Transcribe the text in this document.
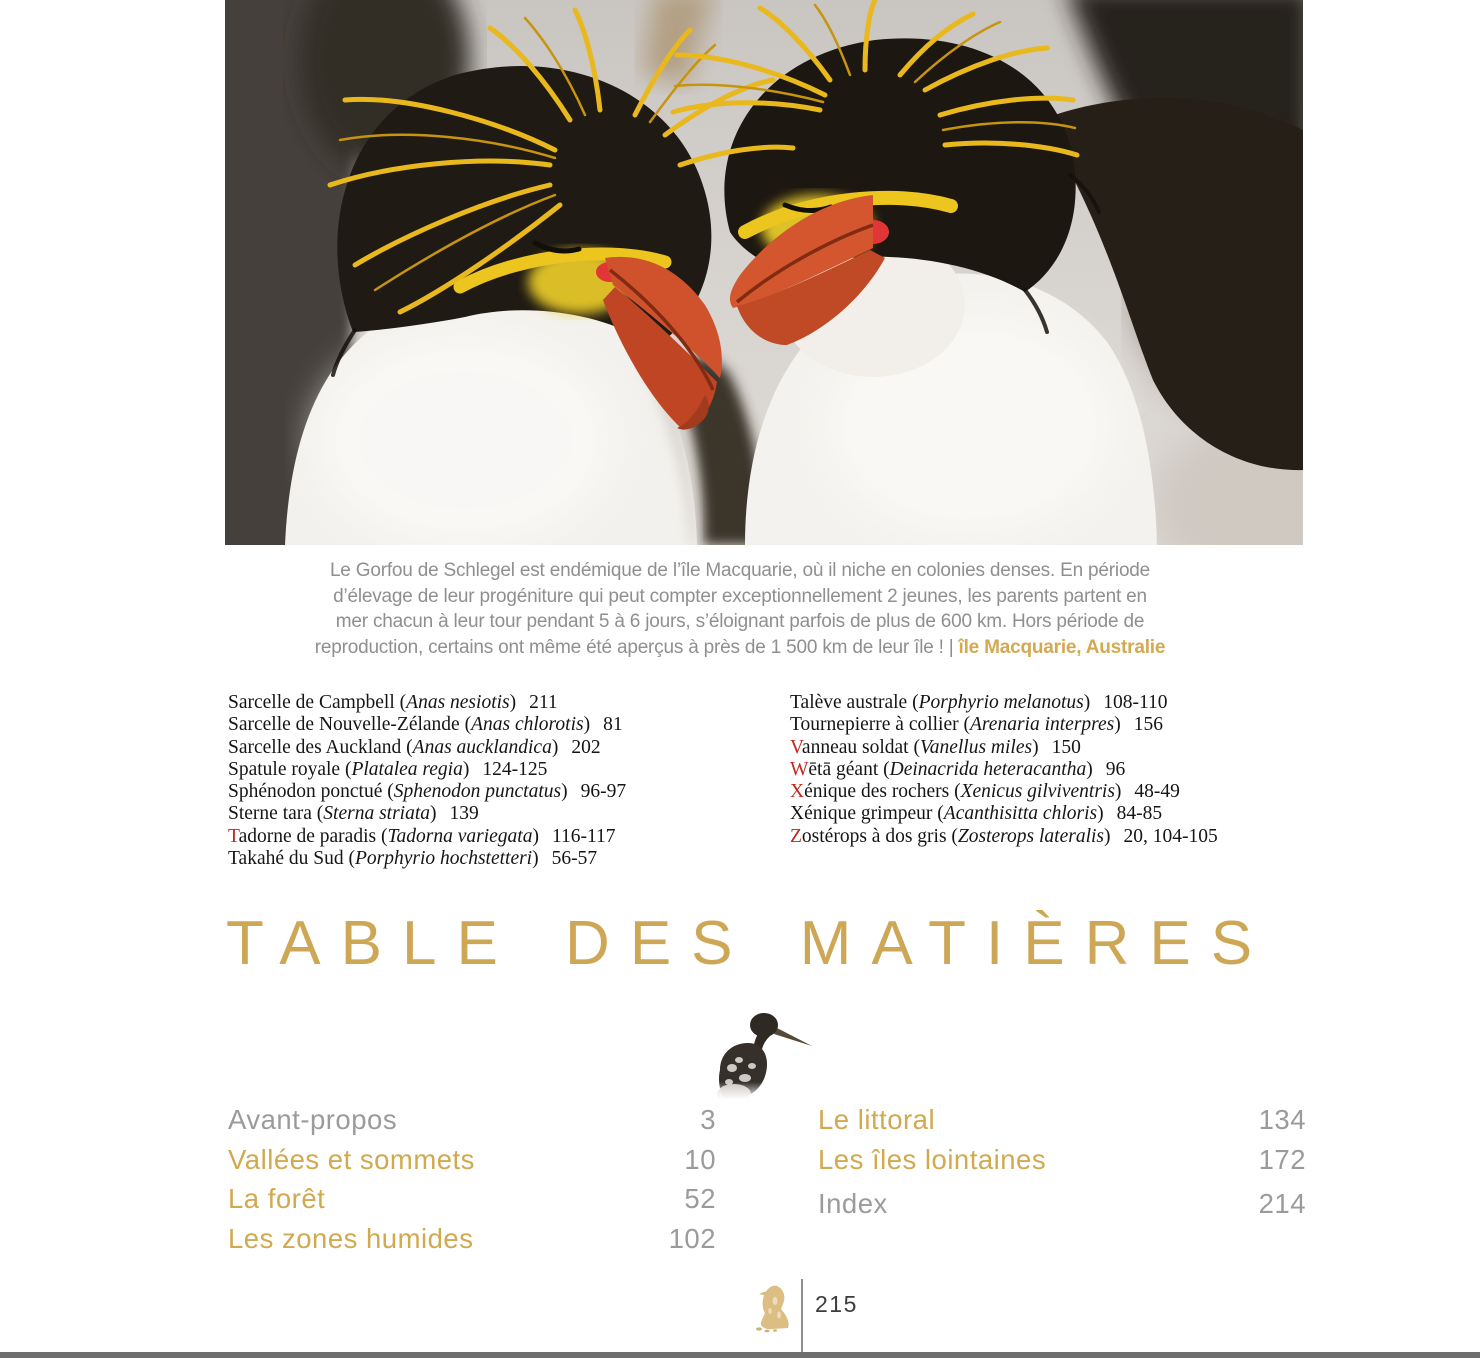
Le Gorfou de Schlegel est endémique de l’île Macquarie, où il niche en colonies denses. En période
d’élevage de leur progéniture qui peut compter exceptionnellement 2 jeunes, les parents partent en
mer chacun à leur tour pendant 5 à 6 jours, s’éloignant parfois de plus de 600 km. Hors période de
reproduction, certains ont même été aperçus à près de 1 500 km de leur île ! | île Macquarie, Australie
Sarcelle de Campbell (Anas nesiotis) 211
Sarcelle de Nouvelle-Zélande (Anas chlorotis) 81
Sarcelle des Auckland (Anas aucklandica) 202
Spatule royale (Platalea regia) 124-125
Sphénodon ponctué (Sphenodon punctatus) 96-97
Sterne tara (Sterna striata) 139
Tadorne de paradis (Tadorna variegata) 116-117
Takahé du Sud (Porphyrio hochstetteri) 56-57
Talève australe (Porphyrio melanotus) 108-110
Tournepierre à collier (Arenaria interpres) 156
Vanneau soldat (Vanellus miles) 150
Wētā géant (Deinacrida heteracantha) 96
Xénique des rochers (Xenicus gilviventris) 48-49
Xénique grimpeur (Acanthisitta chloris) 84-85
Zostérops à dos gris (Zosterops lateralis) 20, 104-105
TABLE DES MATIÈRES
Avant-propos	3
Vallées et sommets	10
La forêt	52
Les zones humides	102
Le littoral	134
Les îles lointaines	172
Index	214
215
